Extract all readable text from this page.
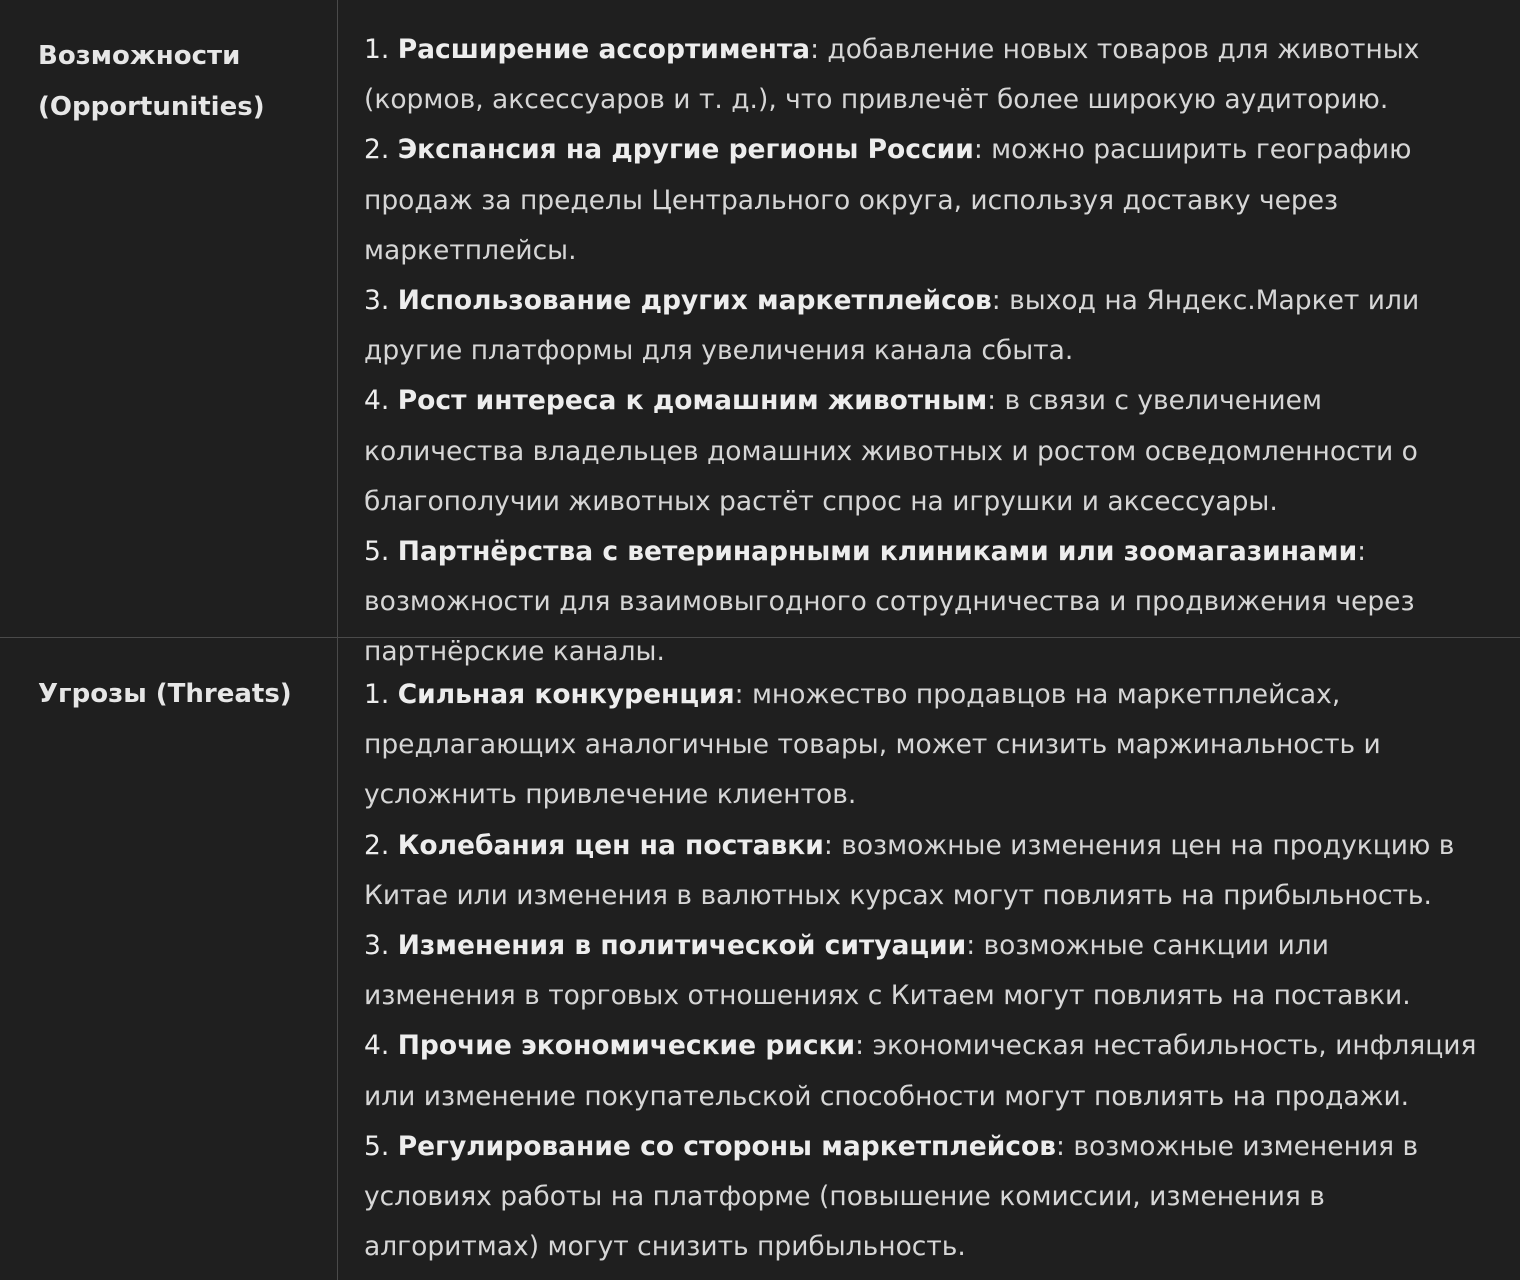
Возможности (Opportunities)
1. Расширение ассортимента: добавление новых товаров для животных (кормов, аксессуаров и т. д.), что привлечёт более широкую аудиторию.
2. Экспансия на другие регионы России: можно расширить географию продаж за пределы Центрального округа, используя доставку через маркетплейсы.
3. Использование других маркетплейсов: выход на Яндекс.Маркет или другие платформы для увеличения канала сбыта.
4. Рост интереса к домашним животным: в связи с увеличением количества владельцев домашних животных и ростом осведомленности о благополучии животных растёт спрос на игрушки и аксессуары.
5. Партнёрства с ветеринарными клиниками или зоомагазинами: возможности для взаимовыгодного сотрудничества и продвижения через партнёрские каналы.
Угрозы (Threats)	1. Сильная конкуренция: множество продавцов на маркетплейсах, предлагающих аналогичные товары, может снизить маржинальность и усложнить привлечение клиентов.
2. Колебания цен на поставки: возможные изменения цен на продукцию в Китае или изменения в валютных курсах могут повлиять на прибыльность.
3. Изменения в политической ситуации: возможные санкции или изменения в торговых отношениях с Китаем могут повлиять на поставки.
4. Прочие экономические риски: экономическая нестабильность, инфляция или изменение покупательской способности могут повлиять на продажи.
5. Регулирование со стороны маркетплейсов: возможные изменения в условиях работы на платформе (повышение комиссии, изменения в алгоритмах) могут снизить прибыльность.
